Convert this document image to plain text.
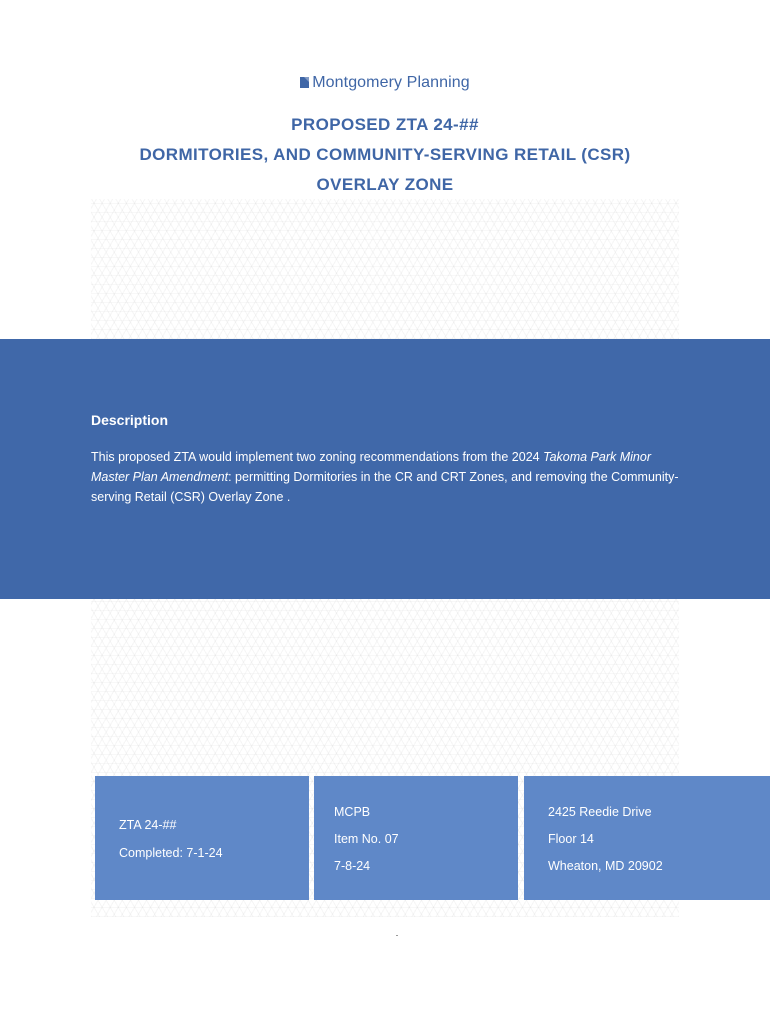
Montgomery Planning
PROPOSED ZTA 24-##
DORMITORIES, AND COMMUNITY-SERVING RETAIL (CSR)
OVERLAY ZONE
Description
This proposed ZTA would implement two zoning recommendations from the 2024 Takoma Park Minor Master Plan Amendment: permitting Dormitories in the CR and CRT Zones, and removing the Community-serving Retail (CSR) Overlay Zone .
ZTA 24-##
Completed: 7-1-24
MCPB
Item No. 07
7-8-24
2425 Reedie Drive
Floor 14
Wheaton, MD 20902
